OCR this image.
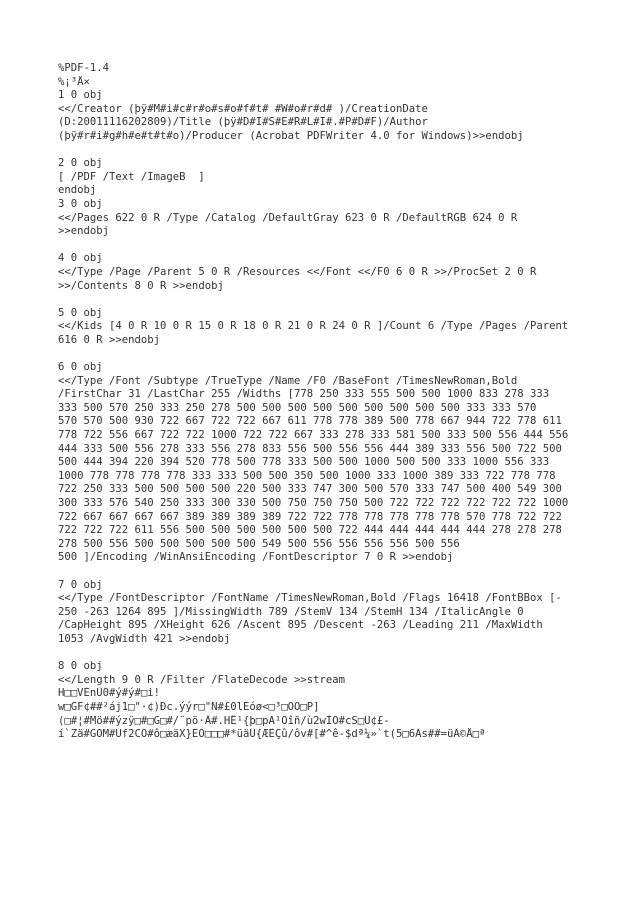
%PDF-1.4
%¡³Å×
1 0 obj
<</Creator (þÿ#M#i#c#r#o#s#o#f#t# #W#o#r#d# )/CreationDate
(D:20011116202809)/Title (þÿ#D#I#S#E#R#L#I#.#P#D#F)/Author
(þÿ#r#i#g#h#e#t#t#o)/Producer (Acrobat PDFWriter 4.0 for Windows)>>endobj
2 0 obj
[ /PDF /Text /ImageB  ]
endobj
3 0 obj
<</Pages 622 0 R /Type /Catalog /DefaultGray 623 0 R /DefaultRGB 624 0 R
>>endobj
4 0 obj
<</Type /Page /Parent 5 0 R /Resources <</Font <</F0 6 0 R >>/ProcSet 2 0 R
>>/Contents 8 0 R >>endobj
5 0 obj
<</Kids [4 0 R 10 0 R 15 0 R 18 0 R 21 0 R 24 0 R ]/Count 6 /Type /Pages /Parent
616 0 R >>endobj
6 0 obj
<</Type /Font /Subtype /TrueType /Name /F0 /BaseFont /TimesNewRoman,Bold
/FirstChar 31 /LastChar 255 /Widths [778 250 333 555 500 500 1000 833 278 333
333 500 570 250 333 250 278 500 500 500 500 500 500 500 500 500 333 333 570
570 570 500 930 722 667 722 722 667 611 778 778 389 500 778 667 944 722 778 611
778 722 556 667 722 722 1000 722 722 667 333 278 333 581 500 333 500 556 444 556
444 333 500 556 278 333 556 278 833 556 500 556 556 444 389 333 556 500 722 500
500 444 394 220 394 520 778 500 778 333 500 500 1000 500 500 333 1000 556 333
1000 778 778 778 778 333 333 500 500 350 500 1000 333 1000 389 333 722 778 778
722 250 333 500 500 500 500 220 500 333 747 300 500 570 333 747 500 400 549 300
300 333 576 540 250 333 300 330 500 750 750 750 500 722 722 722 722 722 722 1000
722 667 667 667 667 389 389 389 389 722 722 778 778 778 778 778 570 778 722 722
722 722 722 611 556 500 500 500 500 500 500 722 444 444 444 444 444 278 278 278
278 500 556 500 500 500 500 500 549 500 556 556 556 556 500 556
500 ]/Encoding /WinAnsiEncoding /FontDescriptor 7 0 R >>endobj
7 0 obj
<</Type /FontDescriptor /FontName /TimesNewRoman,Bold /Flags 16418 /FontBBox [-
250 -263 1264 895 ]/MissingWidth 789 /StemV 134 /StemH 134 /ItalicAngle 0
/CapHeight 895 /XHeight 626 /Ascent 895 /Descent -263 /Leading 211 /MaxWidth
1053 /AvgWidth 421 >>endobj
8 0 obj
<</Length 9 0 R /Filter /FlateDecode >>stream
H□□VÉnÛ0#ý#ý#□i!
w□GF¢##²áj1□"·¢)Ðc.ýýr□"Ñ#£0lËóø<□³□OÓ□P]
(□#¦#Mö##ýzÿ□#□G□#/¨pö·Â#.HÊ¹{þ□pA¹Óîñ/ù2wÌÕ#cS□Û¢£-
í`Zä#GÓM#Úf2CÓ#ô□æäX}EÓ□□□#*üäÛ{ÆÊÇû/ôv#[#^ê-$dª¼»`t(5□6Äs##=üÄ©Å□ª
